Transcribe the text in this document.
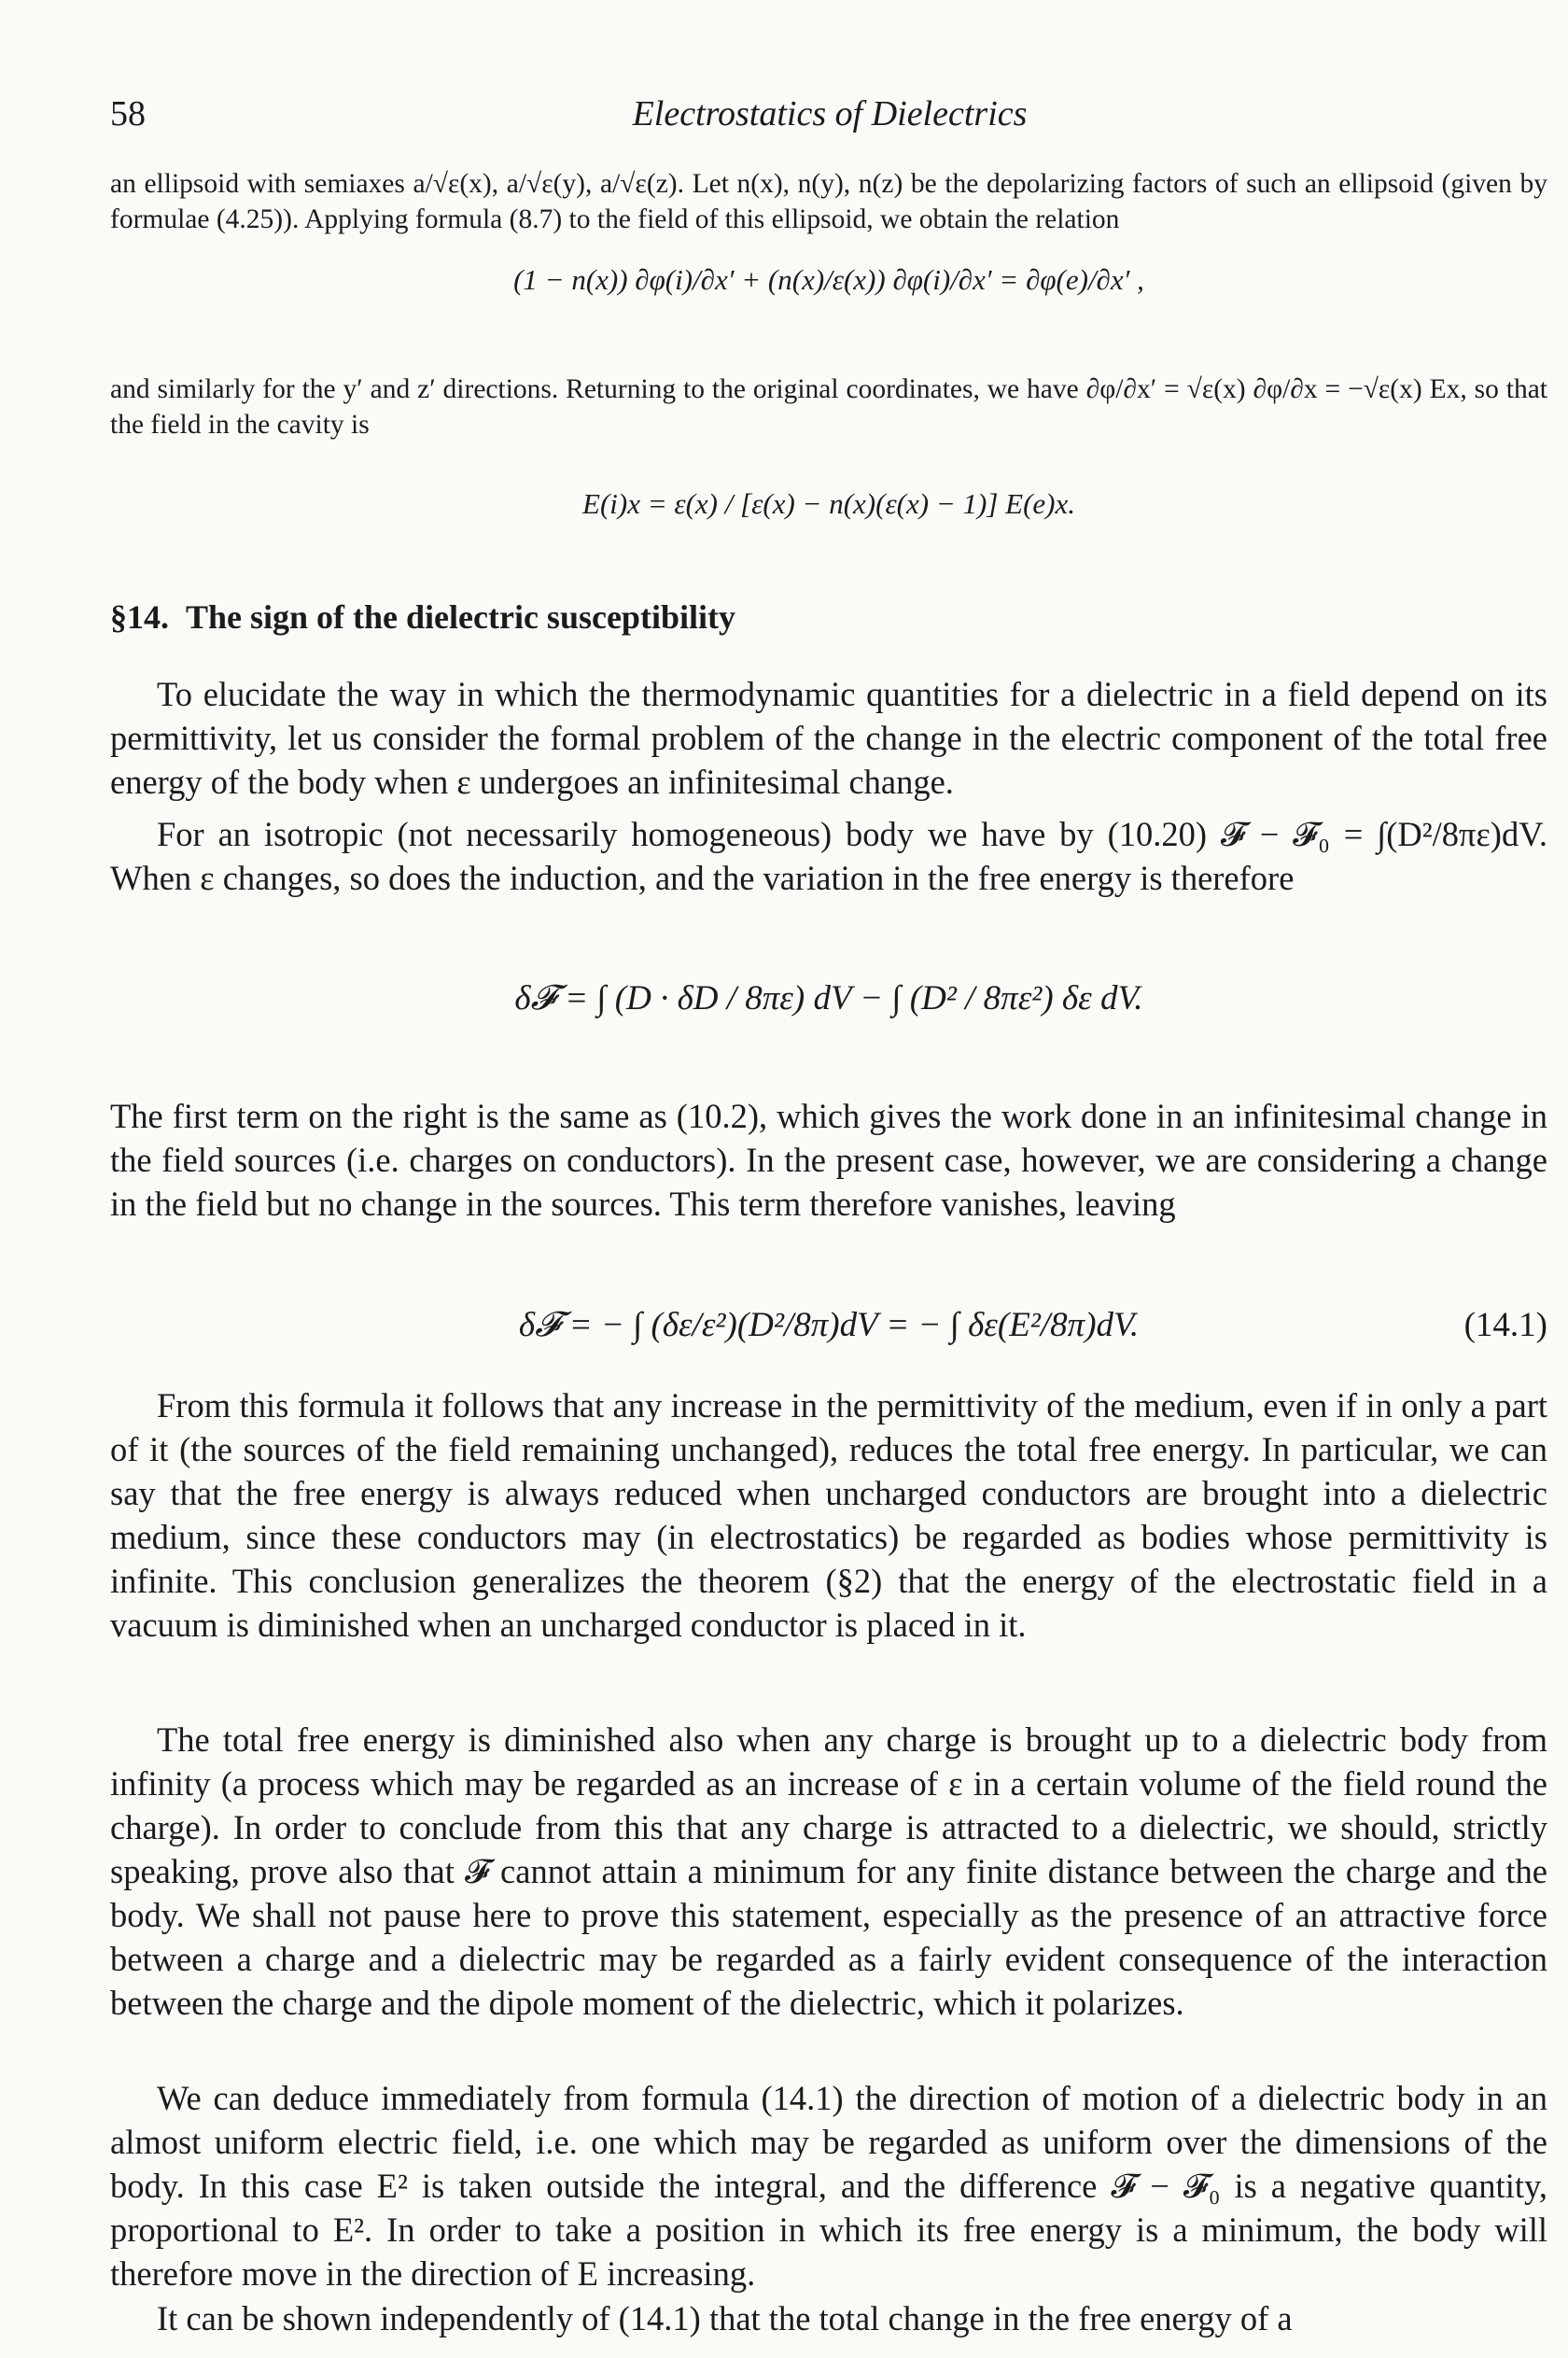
58	Electrostatics of Dielectrics

an ellipsoid with semiaxes a/√ε(x), a/√ε(y), a/√ε(z). Let n(x), n(y), n(z) be the depolarizing factors of such an ellipsoid (given by formulae (4.25)). Applying formula (8.7) to the field of this ellipsoid, we obtain the relation

(1 − n(x)) ∂φ(i)/∂x′ + (n(x)/ε(x)) ∂φ(i)/∂x′ = ∂φ(e)/∂x′ ,

and similarly for the y′ and z′ directions. Returning to the original coordinates, we have ∂φ/∂x′ = √ε(x) ∂φ/∂x = −√ε(x) Ex, so that the field in the cavity is

E(i)x = ε(x) / [ε(x) − n(x)(ε(x) − 1)] E(e)x.
§14. The sign of the dielectric susceptibility

To elucidate the way in which the thermodynamic quantities for a dielectric in a field depend on its permittivity, let us consider the formal problem of the change in the electric component of the total free energy of the body when ε undergoes an infinitesimal change.

For an isotropic (not necessarily homogeneous) body we have by (10.20) 𝓕 − 𝓕₀ = ∫(D²/8πε)dV. When ε changes, so does the induction, and the variation in the free energy is therefore

δ𝓕 = ∫ (D · δD / 8πε) dV − ∫ (D² / 8πε²) δε dV.

The first term on the right is the same as (10.2), which gives the work done in an infinitesimal change in the field sources (i.e. charges on conductors). In the present case, however, we are considering a change in the field but no change in the sources. This term therefore vanishes, leaving

δ𝓕 = − ∫ (δε/ε²)(D²/8π)dV = − ∫ δε(E²/8π)dV.	(14.1)

From this formula it follows that any increase in the permittivity of the medium, even if in only a part of it (the sources of the field remaining unchanged), reduces the total free energy. In particular, we can say that the free energy is always reduced when uncharged conductors are brought into a dielectric medium, since these conductors may (in electrostatics) be regarded as bodies whose permittivity is infinite. This conclusion generalizes the theorem (§2) that the energy of the electrostatic field in a vacuum is diminished when an uncharged conductor is placed in it.

The total free energy is diminished also when any charge is brought up to a dielectric body from infinity (a process which may be regarded as an increase of ε in a certain volume of the field round the charge). In order to conclude from this that any charge is attracted to a dielectric, we should, strictly speaking, prove also that 𝓕 cannot attain a minimum for any finite distance between the charge and the body. We shall not pause here to prove this statement, especially as the presence of an attractive force between a charge and a dielectric may be regarded as a fairly evident consequence of the interaction between the charge and the dipole moment of the dielectric, which it polarizes.

We can deduce immediately from formula (14.1) the direction of motion of a dielectric body in an almost uniform electric field, i.e. one which may be regarded as uniform over the dimensions of the body. In this case E² is taken outside the integral, and the difference 𝓕 − 𝓕₀ is a negative quantity, proportional to E². In order to take a position in which its free energy is a minimum, the body will therefore move in the direction of E increasing.

It can be shown independently of (14.1) that the total change in the free energy of a
